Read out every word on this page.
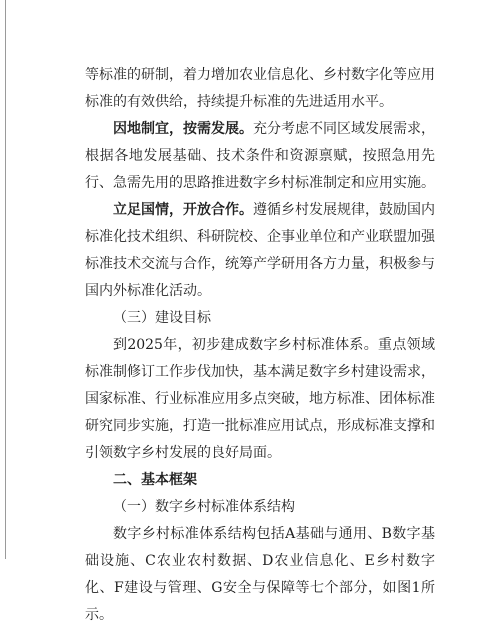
等标准的研制，着力增加农业信息化、乡村数字化等应用标准的有效供给，持续提升标准的先进适用水平。

因地制宜，按需发展。充分考虑不同区域发展需求，根据各地发展基础、技术条件和资源禀赋，按照急用先行、急需先用的思路推进数字乡村标准制定和应用实施。

立足国情，开放合作。遵循乡村发展规律，鼓励国内标准化技术组织、科研院校、企事业单位和产业联盟加强标准技术交流与合作，统筹产学研用各方力量，积极参与国内外标准化活动。

（三）建设目标

到2025年，初步建成数字乡村标准体系。重点领域标准制修订工作步伐加快，基本满足数字乡村建设需求，国家标准、行业标准应用多点突破，地方标准、团体标准研究同步实施，打造一批标准应用试点，形成标准支撑和引领数字乡村发展的良好局面。

二、基本框架

（一）数字乡村标准体系结构

数字乡村标准体系结构包括A基础与通用、B数字基础设施、C农业农村数据、D农业信息化、E乡村数字化、F建设与管理、G安全与保障等七个部分，如图1所示。
